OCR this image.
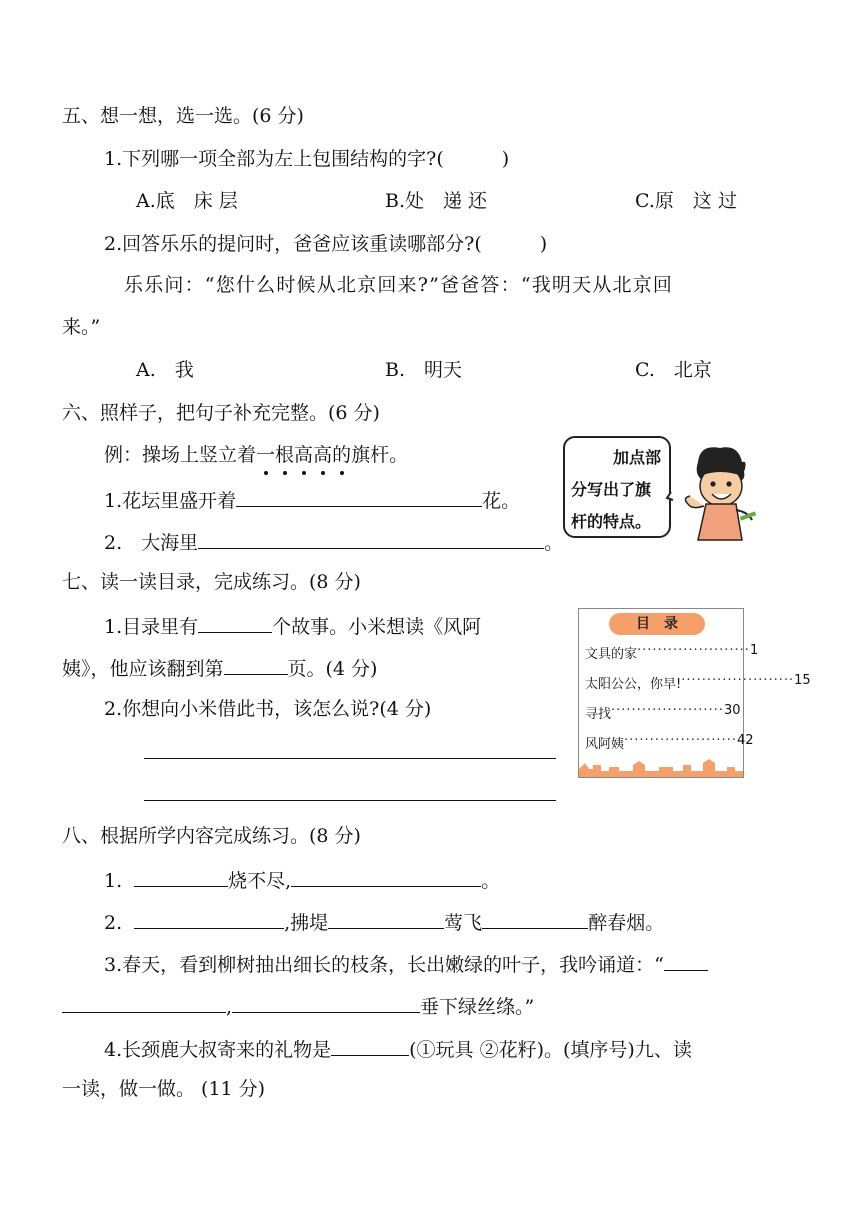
五、想一想，选一选。(6 分)
1.下列哪一项全部为左上包围结构的字?(	)
A.底　床 层	B.处　递 还	C.原　这 过
2.回答乐乐的提问时，爸爸应该重读哪部分?(	)
乐乐问：“您什么时候从北京回来?”爸爸答：“我明天从北京回
来。”
A.　我	B.　明天	C.　北京
六、照样子，把句子补充完整。(6 分)
例：操场上竖立着一根高高的旗杆。
1.花坛里盛开着	花。
2.　大海里	。
加点部
分写出了旗
杆的特点。
七、读一读目录，完成练习。(8 分)
1.目录里有	个故事。小米想读《风阿
姨》，他应该翻到第	页。(4 分)
2.你想向小米借此书，该怎么说?(4 分)
目　录
文具的家 ······················ 1
太阳公公，你早! ······················ 15
寻找 ······················ 30
风阿姨 ······················ 42
八、根据所学内容完成练习。(8 分)
1.	烧不尽,	。
2.	,拂堤	莺飞	醉春烟。
3.春天，看到柳树抽出细长的枝条，长出嫩绿的叶子，我吟诵道：“
,	垂下绿丝绦。”
4.长颈鹿大叔寄来的礼物是	(①玩具 ②花籽)。(填序号)九、读
一读，做一做。 (11 分)
